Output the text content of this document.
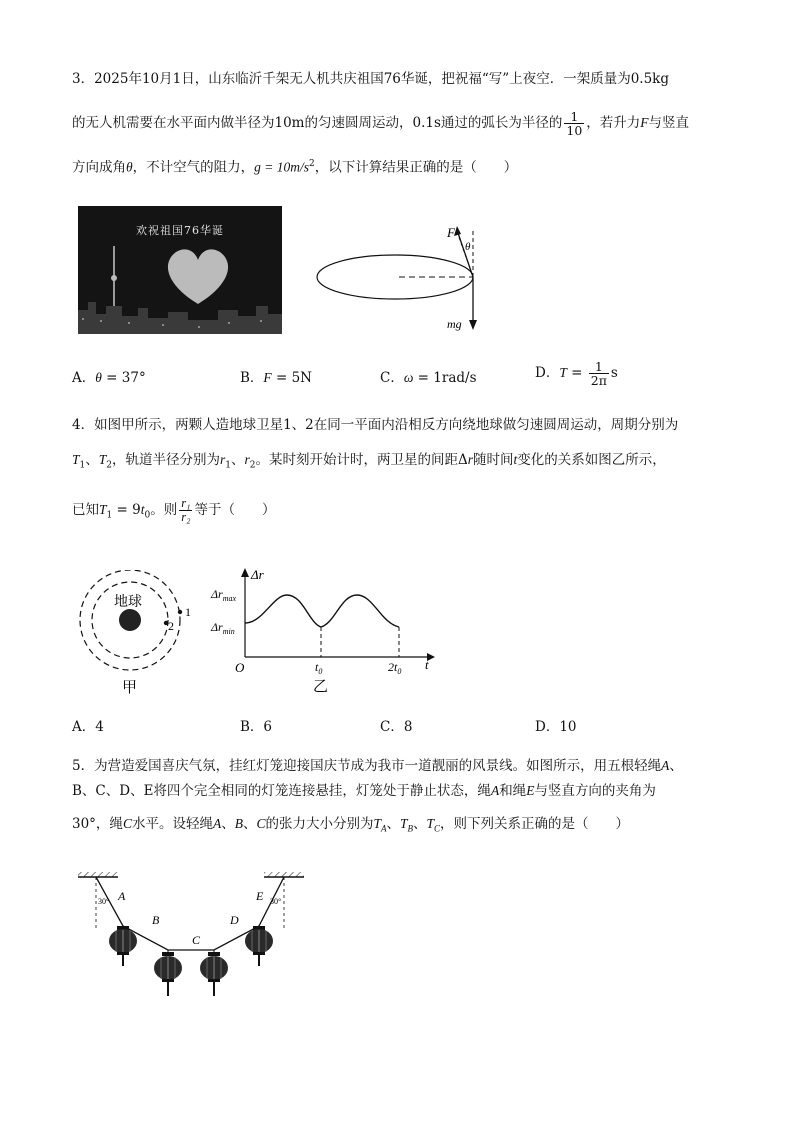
3．2025年10月1日，山东临沂千架无人机共庆祖国76华诞，把祝福“写”上夜空．一架质量为0.5kg
的无人机需要在水平面内做半径为10m的匀速圆周运动，0.1s通过的弧长为半径的 $\frac{1}{10}$ ，若升力F与竖直
方向成角θ，不计空气的阻力，$g = 10m/s^2$，以下计算结果正确的是（　　）
欢祝祖国76华诞	F
θ
mg
A．θ = 37°	B．F = 5N	C．ω = 1rad/s	D．$T = \frac{1}{2\pi}$ s
4．如图甲所示，两颗人造地球卫星1、2在同一平面内沿相反方向绕地球做匀速圆周运动，周期分别为
$T_1$、$T_2$，轨道半径分别为$r_1$、$r_2$。某时刻开始计时，两卫星的间距Δr随时间t变化的关系如图乙所示，
已知$T_1 = 9t_0$。则 $\frac{\text{r₁}}{\text{r₂}}$ 等于（　　）
地球
1
2
甲
Δr
$\Delta r_{max}$
$\Delta r_{min}$
O	$t_0$	$2t_0$ t
乙
A．4	B．6	C．8	D．10
5．为营造爱国喜庆气氛，挂红灯笼迎接国庆节成为我市一道靓丽的风景线。如图所示，用五根轻绳A、
B、C、D、E将四个完全相同的灯笼连接悬挂，灯笼处于静止状态，绳A和绳E与竖直方向的夹角为
30°，绳C水平。设轻绳A、B、C的张力大小分别为$T_A$、$T_B$、$T_C$，则下列关系正确的是（　　）
A
B
C
D
E
30°	30°
